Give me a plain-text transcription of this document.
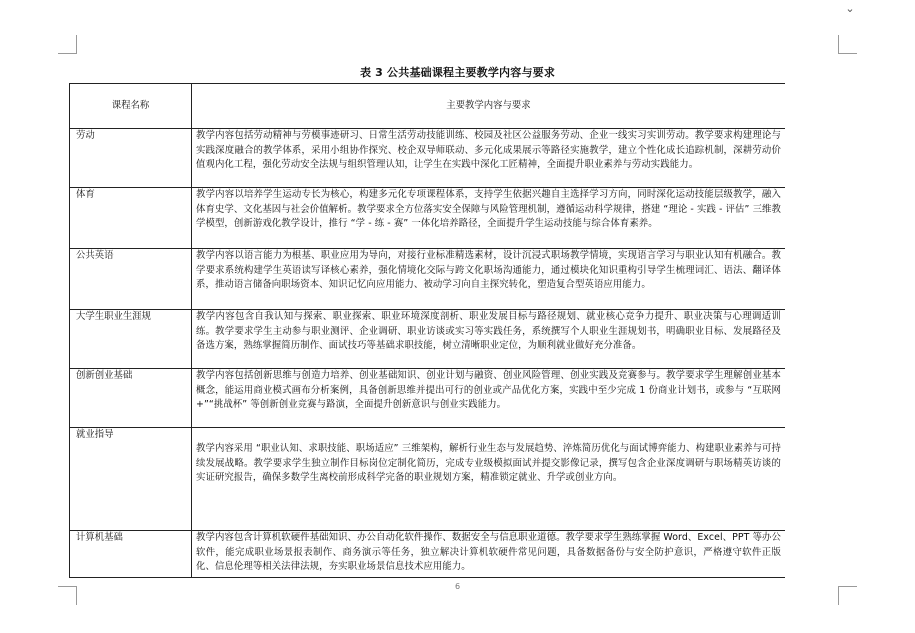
⌄
表 3 公共基础课程主要教学内容与要求
课程名称	主要教学内容与要求
劳动	教学内容包括劳动精神与劳模事迹研习、日常生活劳动技能训练、校园及社区公益服务劳动、企业一线实习实训劳动。教学要求构建理论与实践深度融合的教学体系，采用小组协作探究、校企双导师联动、多元化成果展示等路径实施教学，建立个性化成长追踪机制，深耕劳动价值观内化工程，强化劳动安全法规与组织管理认知，让学生在实践中深化工匠精神，全面提升职业素养与劳动实践能力。
体育	教学内容以培养学生运动专长为核心，构建多元化专项课程体系，支持学生依据兴趣自主选择学习方向，同时深化运动技能层级教学，融入体育史学、文化基因与社会价值解析。教学要求全方位落实安全保障与风险管理机制，遵循运动科学规律，搭建 “理论 - 实践 - 评估” 三维教学模型，创新游戏化教学设计，推行 “学 - 练 - 赛” 一体化培养路径，全面提升学生运动技能与综合体育素养。
公共英语	教学内容以语言能力为根基、职业应用为导向，对接行业标准精选素材，设计沉浸式职场教学情境，实现语言学习与职业认知有机融合。教学要求系统构建学生英语读写译核心素养，强化情境化交际与跨文化职场沟通能力，通过模块化知识重构引导学生梳理词汇、语法、翻译体系，推动语言储备向职场资本、知识记忆向应用能力、被动学习向自主探究转化，塑造复合型英语应用能力。
大学生职业生涯规	教学内容包含自我认知与探索、职业探索、职业环境深度剖析、职业发展目标与路径规划、就业核心竞争力提升、职业决策与心理调适训练。教学要求学生主动参与职业测评、企业调研、职业访谈或实习等实践任务，系统撰写个人职业生涯规划书，明确职业目标、发展路径及备选方案，熟练掌握简历制作、面试技巧等基础求职技能，树立清晰职业定位，为顺利就业做好充分准备。
创新创业基础	教学内容包括创新思维与创造力培养、创业基础知识、创业计划与融资、创业风险管理、创业实践及竞赛参与。教学要求学生理解创业基本概念，能运用商业模式画布分析案例，具备创新思维并提出可行的创业或产品优化方案，实践中至少完成 1 份商业计划书，或参与 “互联网 +”“挑战杯” 等创新创业竞赛与路演，全面提升创新意识与创业实践能力。
就业指导	教学内容采用 “职业认知、求职技能、职场适应” 三维架构，解析行业生态与发展趋势、淬炼简历优化与面试博弈能力、构建职业素养与可持续发展战略。教学要求学生独立制作目标岗位定制化简历，完成专业级模拟面试并提交影像记录，撰写包含企业深度调研与职场精英访谈的实证研究报告，确保多数学生离校前形成科学完备的职业规划方案，精准锁定就业、升学或创业方向。
计算机基础	教学内容包含计算机软硬件基础知识、办公自动化软件操作、数据安全与信息职业道德。教学要求学生熟练掌握 Word、Excel、PPT 等办公软件，能完成职业场景报表制作、商务演示等任务，独立解决计算机软硬件常见问题，具备数据备份与安全防护意识，严格遵守软件正版化、信息伦理等相关法律法规，夯实职业场景信息技术应用能力。

6
